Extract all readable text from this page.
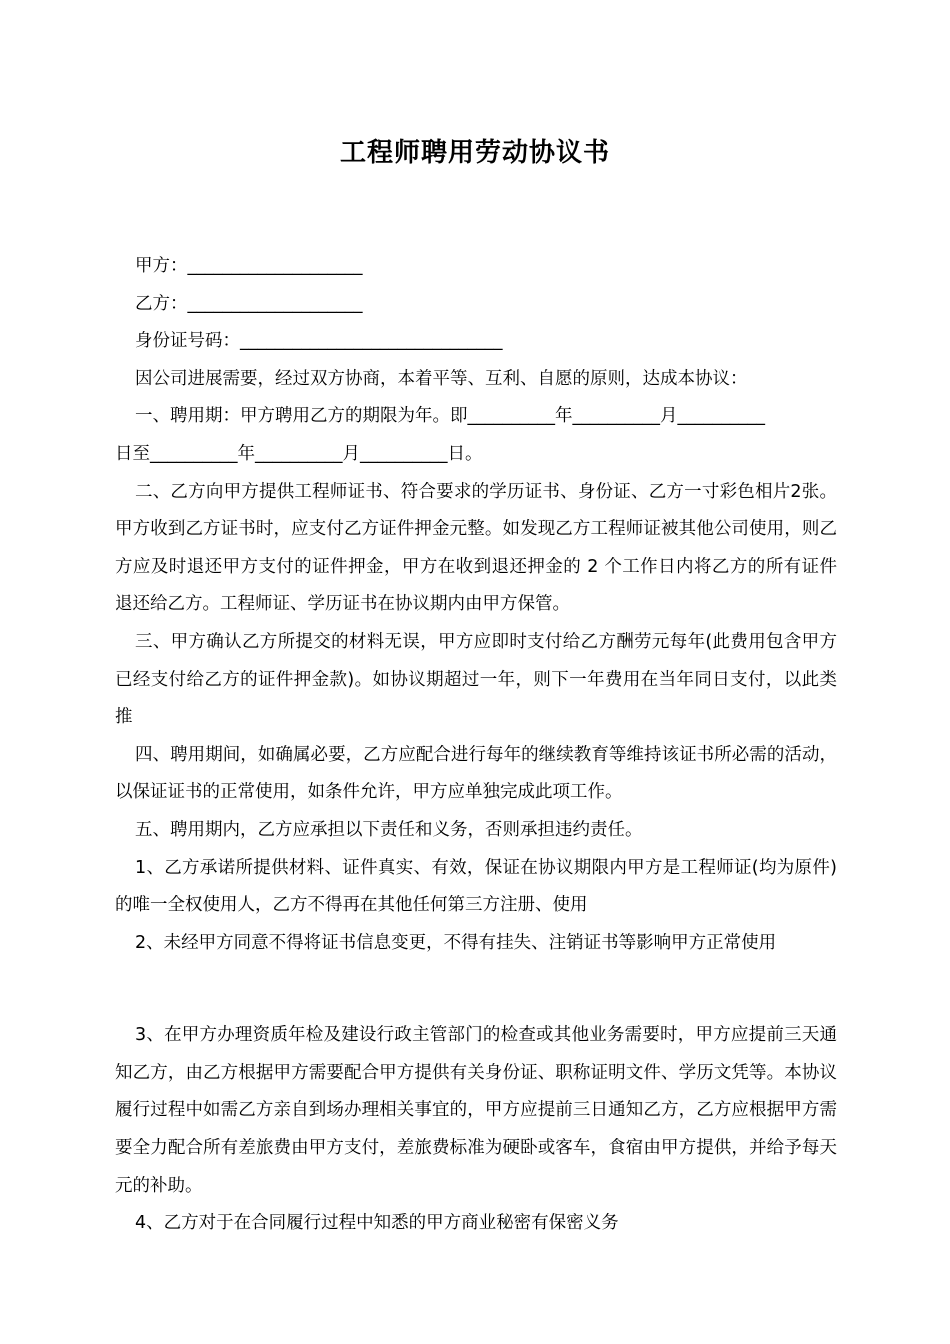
工程师聘用劳动协议书
甲方：____________________
乙方：____________________
身份证号码：______________________________
因公司进展需要，经过双方协商，本着平等、互利、自愿的原则，达成本协议：
一、聘用期：甲方聘用乙方的期限为年。即__________年__________月__________
日至__________年__________月__________日。

二、乙方向甲方提供工程师证书、符合要求的学历证书、身份证、乙方一寸彩色相片2张。甲方收到乙方证书时，应支付乙方证件押金元整。如发现乙方工程师证被其他公司使用，则乙方应及时退还甲方支付的证件押金，甲方在收到退还押金的 2 个工作日内将乙方的所有证件退还给乙方。工程师证、学历证书在协议期内由甲方保管。

三、甲方确认乙方所提交的材料无误，甲方应即时支付给乙方酬劳元每年(此费用包含甲方已经支付给乙方的证件押金款)。如协议期超过一年，则下一年费用在当年同日支付，以此类推

四、聘用期间，如确属必要，乙方应配合进行每年的继续教育等维持该证书所必需的活动，以保证证书的正常使用，如条件允许，甲方应单独完成此项工作。

五、聘用期内，乙方应承担以下责任和义务，否则承担违约责任。

1、乙方承诺所提供材料、证件真实、有效，保证在协议期限内甲方是工程师证(均为原件)的唯一全权使用人，乙方不得再在其他任何第三方注册、使用

2、未经甲方同意不得将证书信息变更，不得有挂失、注销证书等影响甲方正常使用

3、在甲方办理资质年检及建设行政主管部门的检查或其他业务需要时，甲方应提前三天通知乙方，由乙方根据甲方需要配合甲方提供有关身份证、职称证明文件、学历文凭等。本协议履行过程中如需乙方亲自到场办理相关事宜的，甲方应提前三日通知乙方，乙方应根据甲方需要全力配合所有差旅费由甲方支付，差旅费标准为硬卧或客车，食宿由甲方提供，并给予每天元的补助。

4、乙方对于在合同履行过程中知悉的甲方商业秘密有保密义务
